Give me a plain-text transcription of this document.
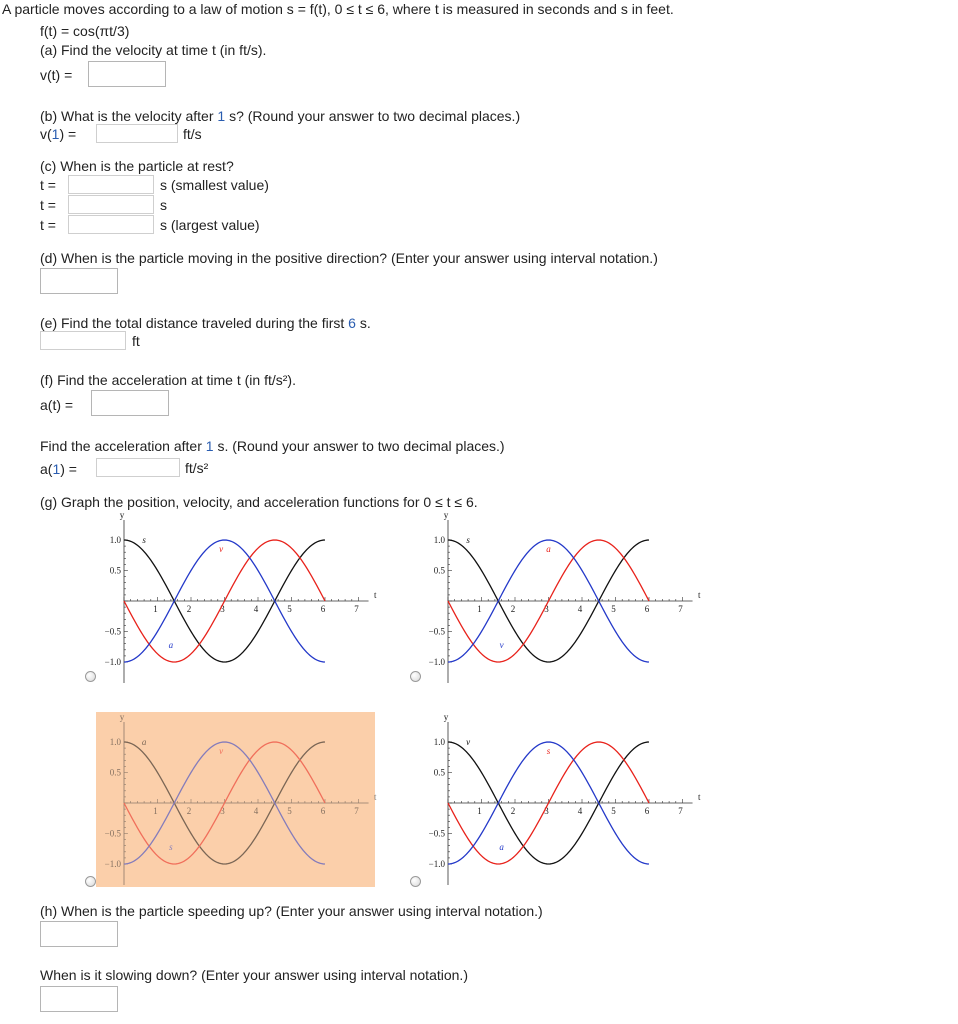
A particle moves according to a law of motion s = f(t), 0 ≤ t ≤ 6, where t is measured in seconds and s in feet.
f(t) = cos(πt/3)
(a) Find the velocity at time t (in ft/s).
v(t) =
(b) What is the velocity after 1 s? (Round your answer to two decimal places.)
v(1) =	ft/s
(c) When is the particle at rest?
t =	s (smallest value)
t =	s
t =	s (largest value)
(d) When is the particle moving in the positive direction? (Enter your answer using interval notation.)
(e) Find the total distance traveled during the first 6 s.
ft
(f) Find the acceleration at time t (in ft/s²).
a(t) =
Find the acceleration after 1 s. (Round your answer to two decimal places.)
a(1) =	ft/s²
(g) Graph the position, velocity, and acceleration functions for 0 ≤ t ≤ 6.
1.0
0.5
−0.5
−1.0
1	2	3	4	5	6	7
y
t
s
v
a
1.0
0.5
−0.5
−1.0
1	2	3	4	5	6	7
y
t
s
a
v
1.0
0.5
−0.5
−1.0
1	2	3	4	5	6	7
y
t
a
v
s
1.0
0.5
−0.5
−1.0
1	2	3	4	5	6	7
y
t
v
s
a
(h) When is the particle speeding up? (Enter your answer using interval notation.)
When is it slowing down? (Enter your answer using interval notation.)
